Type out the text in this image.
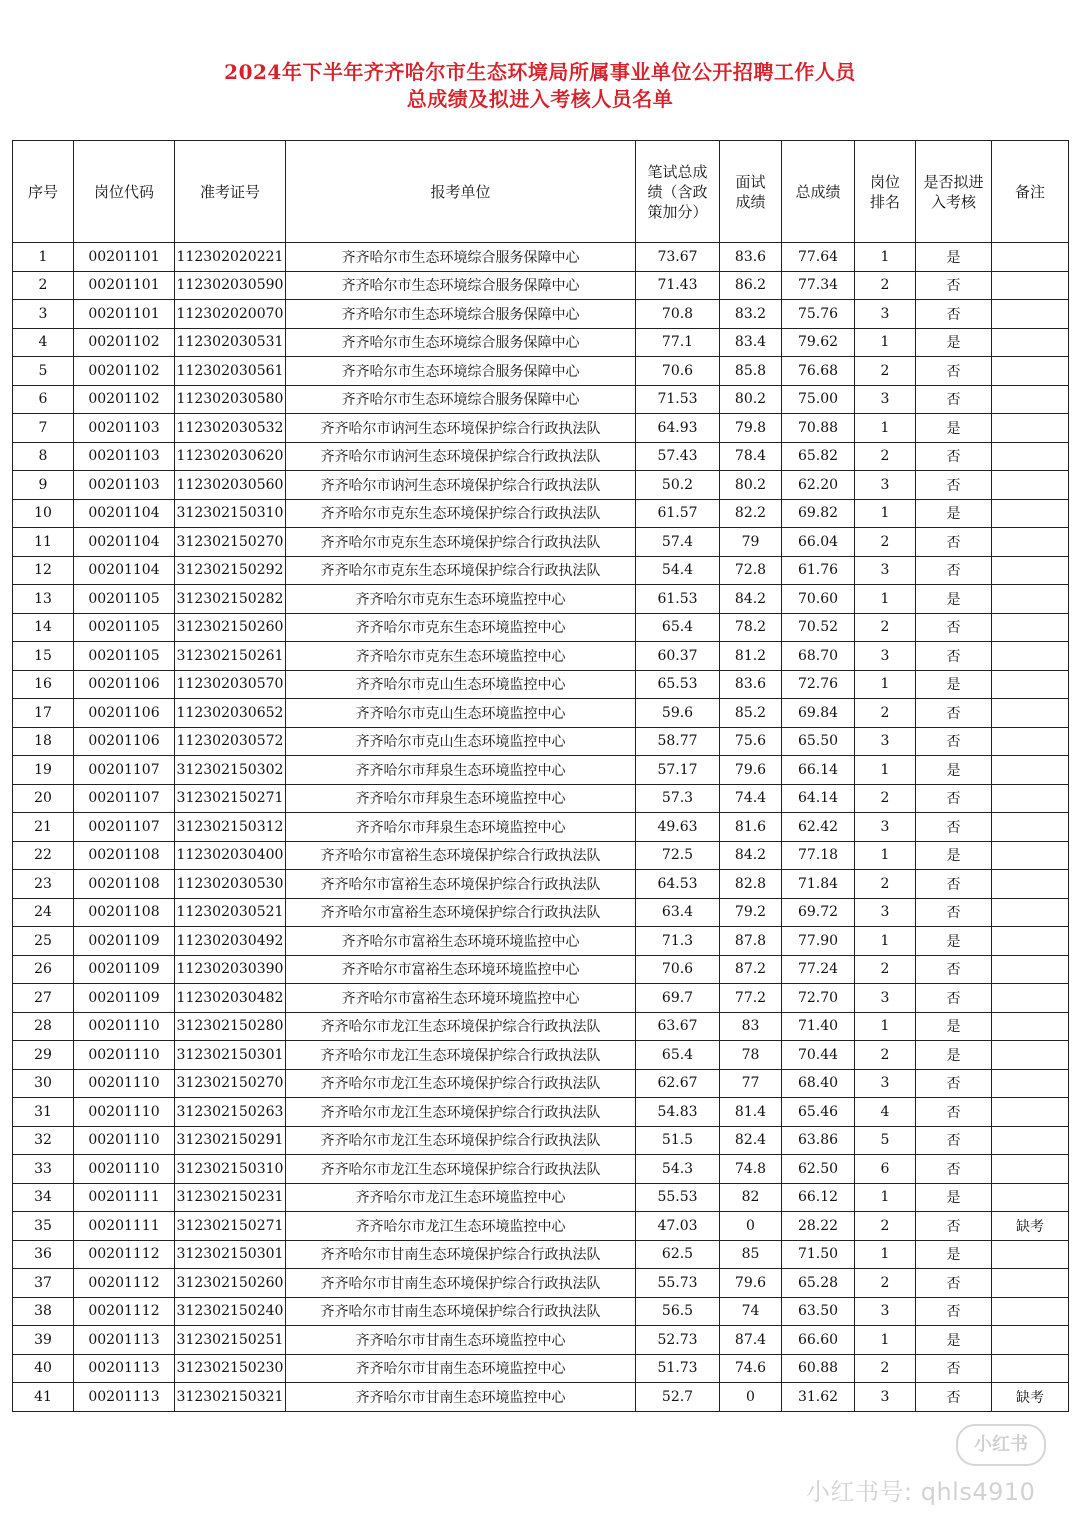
2024年下半年齐齐哈尔市生态环境局所属事业单位公开招聘工作人员
总成绩及拟进入考核人员名单
序号	岗位代码	准考证号	报考单位	笔试总成绩（含政策加分）	面试成绩	总成绩	岗位排名	是否拟进入考核	备注
1	00201101	112302020221	齐齐哈尔市生态环境综合服务保障中心	73.67	83.6	77.64	1	是	
2	00201101	112302030590	齐齐哈尔市生态环境综合服务保障中心	71.43	86.2	77.34	2	否	
3	00201101	112302020070	齐齐哈尔市生态环境综合服务保障中心	70.8	83.2	75.76	3	否	
4	00201102	112302030531	齐齐哈尔市生态环境综合服务保障中心	77.1	83.4	79.62	1	是	
5	00201102	112302030561	齐齐哈尔市生态环境综合服务保障中心	70.6	85.8	76.68	2	否	
6	00201102	112302030580	齐齐哈尔市生态环境综合服务保障中心	71.53	80.2	75.00	3	否	
7	00201103	112302030532	齐齐哈尔市讷河生态环境保护综合行政执法队	64.93	79.8	70.88	1	是	
8	00201103	112302030620	齐齐哈尔市讷河生态环境保护综合行政执法队	57.43	78.4	65.82	2	否	
9	00201103	112302030560	齐齐哈尔市讷河生态环境保护综合行政执法队	50.2	80.2	62.20	3	否	
10	00201104	312302150310	齐齐哈尔市克东生态环境保护综合行政执法队	61.57	82.2	69.82	1	是	
11	00201104	312302150270	齐齐哈尔市克东生态环境保护综合行政执法队	57.4	79	66.04	2	否	
12	00201104	312302150292	齐齐哈尔市克东生态环境保护综合行政执法队	54.4	72.8	61.76	3	否	
13	00201105	312302150282	齐齐哈尔市克东生态环境监控中心	61.53	84.2	70.60	1	是	
14	00201105	312302150260	齐齐哈尔市克东生态环境监控中心	65.4	78.2	70.52	2	否	
15	00201105	312302150261	齐齐哈尔市克东生态环境监控中心	60.37	81.2	68.70	3	否	
16	00201106	112302030570	齐齐哈尔市克山生态环境监控中心	65.53	83.6	72.76	1	是	
17	00201106	112302030652	齐齐哈尔市克山生态环境监控中心	59.6	85.2	69.84	2	否	
18	00201106	112302030572	齐齐哈尔市克山生态环境监控中心	58.77	75.6	65.50	3	否	
19	00201107	312302150302	齐齐哈尔市拜泉生态环境监控中心	57.17	79.6	66.14	1	是	
20	00201107	312302150271	齐齐哈尔市拜泉生态环境监控中心	57.3	74.4	64.14	2	否	
21	00201107	312302150312	齐齐哈尔市拜泉生态环境监控中心	49.63	81.6	62.42	3	否	
22	00201108	112302030400	齐齐哈尔市富裕生态环境保护综合行政执法队	72.5	84.2	77.18	1	是	
23	00201108	112302030530	齐齐哈尔市富裕生态环境保护综合行政执法队	64.53	82.8	71.84	2	否	
24	00201108	112302030521	齐齐哈尔市富裕生态环境保护综合行政执法队	63.4	79.2	69.72	3	否	
25	00201109	112302030492	齐齐哈尔市富裕生态环境环境监控中心	71.3	87.8	77.90	1	是	
26	00201109	112302030390	齐齐哈尔市富裕生态环境环境监控中心	70.6	87.2	77.24	2	否	
27	00201109	112302030482	齐齐哈尔市富裕生态环境环境监控中心	69.7	77.2	72.70	3	否	
28	00201110	312302150280	齐齐哈尔市龙江生态环境保护综合行政执法队	63.67	83	71.40	1	是	
29	00201110	312302150301	齐齐哈尔市龙江生态环境保护综合行政执法队	65.4	78	70.44	2	是	
30	00201110	312302150270	齐齐哈尔市龙江生态环境保护综合行政执法队	62.67	77	68.40	3	否	
31	00201110	312302150263	齐齐哈尔市龙江生态环境保护综合行政执法队	54.83	81.4	65.46	4	否	
32	00201110	312302150291	齐齐哈尔市龙江生态环境保护综合行政执法队	51.5	82.4	63.86	5	否	
33	00201110	312302150310	齐齐哈尔市龙江生态环境保护综合行政执法队	54.3	74.8	62.50	6	否	
34	00201111	312302150231	齐齐哈尔市龙江生态环境监控中心	55.53	82	66.12	1	是	
35	00201111	312302150271	齐齐哈尔市龙江生态环境监控中心	47.03	0	28.22	2	否	缺考
36	00201112	312302150301	齐齐哈尔市甘南生态环境保护综合行政执法队	62.5	85	71.50	1	是	
37	00201112	312302150260	齐齐哈尔市甘南生态环境保护综合行政执法队	55.73	79.6	65.28	2	否	
38	00201112	312302150240	齐齐哈尔市甘南生态环境保护综合行政执法队	56.5	74	63.50	3	否	
39	00201113	312302150251	齐齐哈尔市甘南生态环境监控中心	52.73	87.4	66.60	1	是	
40	00201113	312302150230	齐齐哈尔市甘南生态环境监控中心	51.73	74.6	60.88	2	否	
41	00201113	312302150321	齐齐哈尔市甘南生态环境监控中心	52.7	0	31.62	3	否	缺考
小红书
小红书号: qhls4910
